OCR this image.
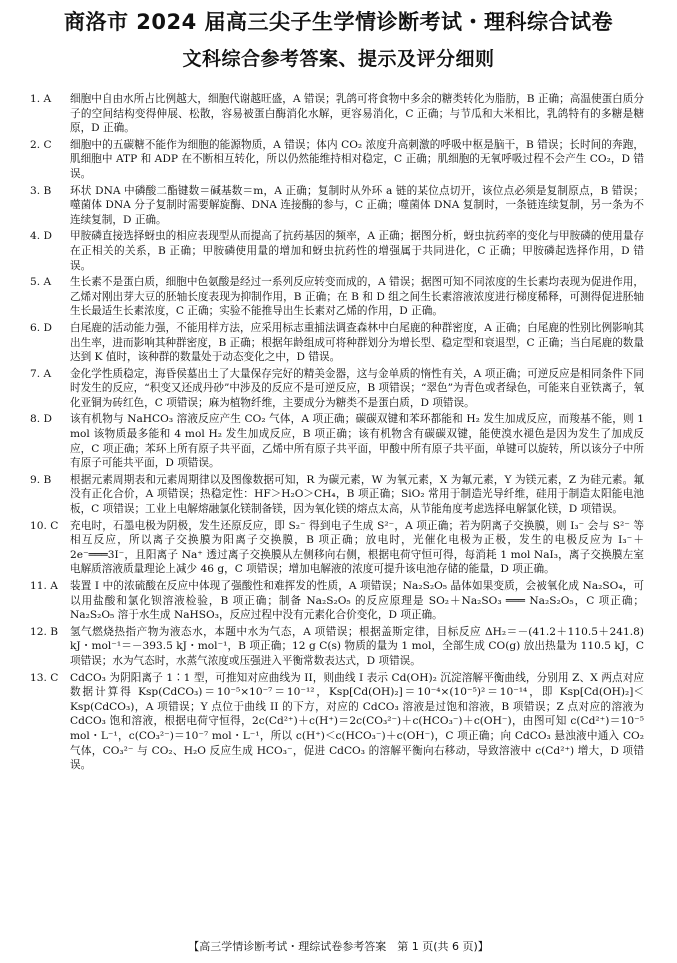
商洛市 2024 届高三尖子生学情诊断考试・理科综合试卷
文科综合参考答案、提示及评分细则
1. A	细胞中自由水所占比例越大，细胞代谢越旺盛，A 错误；乳鸽可将食物中多余的糖类转化为脂肪，B 正确；高温使蛋白质分子的空间结构变得伸展、松散，容易被蛋白酶消化水解，更容易消化，C 正确；与节瓜和大米相比，乳鸽特有的多糖是糖原，D 正确。
2. C	细胞中的五碳糖不能作为细胞的能源物质，A 错误；体内 CO₂ 浓度升高刺激的呼吸中枢是脑干，B 错误；长时间的奔跑，肌细胞中 ATP 和 ADP 在不断相互转化，所以仍然能维持相对稳定，C 正确；肌细胞的无氧呼吸过程不会产生 CO₂，D 错误。
3. B	环状 DNA 中磷酸二酯键数＝碱基数＝m，A 正确；复制时从外环 a 链的某位点切开，该位点必须是复制原点，B 错误；噬菌体 DNA 分子复制时需要解旋酶、DNA 连接酶的参与，C 正确；噬菌体 DNA 复制时，一条链连续复制，另一条为不连续复制，D 正确。
4. D	甲胺磷直接选择蚜虫的相应表现型从而提高了抗药基因的频率，A 正确；据图分析，蚜虫抗药率的变化与甲胺磷的使用量存在正相关的关系，B 正确；甲胺磷使用量的增加和蚜虫抗药性的增强属于共同进化，C 正确；甲胺磷起选择作用，D 错误。
5. A	生长素不是蛋白质，细胞中色氨酸是经过一系列反应转变而成的，A 错误；据图可知不同浓度的生长素均表现为促进作用，乙烯对刚出芽大豆的胚轴长度表现为抑制作用，B 正确；在 B 和 D 组之间生长素溶液浓度进行梯度稀释，可测得促进胚轴生长最适生长素浓度，C 正确；实验不能推导出生长素对乙烯的作用，D 正确。
6. D	白尾鹿的活动能力强，不能用样方法，应采用标志重捕法调查森林中白尾鹿的种群密度，A 正确；白尾鹿的性别比例影响其出生率，进而影响其种群密度，B 正确；根据年龄组成可将种群划分为增长型、稳定型和衰退型，C 正确；当白尾鹿的数量达到 K 值时，该种群的数量处于动态变化之中，D 错误。
7. A	金化学性质稳定，海昏侯墓出土了大量保存完好的精美金器，这与金单质的惰性有关，A 项正确；可逆反应是相同条件下同时发生的反应，“积变又还成丹砂”中涉及的反应不是可逆反应，B 项错误；“翠色”为青色或者绿色，可能来自亚铁离子，氧化亚铜为砖红色，C 项错误；麻为植物纤维，主要成分为糖类不是蛋白质，D 项错误。
8. D	该有机物与 NaHCO₃ 溶液反应产生 CO₂ 气体，A 项正确；碳碳双键和苯环都能和 H₂ 发生加成反应，而羧基不能，则 1 mol 该物质最多能和 4 mol H₂ 发生加成反应，B 项正确；该有机物含有碳碳双键，能使溴水褪色是因为发生了加成反应，C 项正确；苯环上所有原子共平面，乙烯中所有原子共平面，甲酸中所有原子共平面，单键可以旋转，所以该分子中所有原子可能共平面，D 项错误。
9. B	根据元素周期表和元素周期律以及图像数据可知，R 为碳元素，W 为氧元素，X 为氟元素，Y 为镁元素，Z 为硅元素。氟没有正化合价，A 项错误；热稳定性：HF＞H₂O＞CH₄，B 项正确；SiO₂ 常用于制造光导纤维，硅用于制造太阳能电池板，C 项错误；工业上电解熔融氯化镁制备镁，因为氧化镁的熔点太高，从节能角度考虑选择电解氯化镁，D 项错误。
10. C	充电时，石墨电极为阴极，发生还原反应，即 S₂⁻ 得到电子生成 S²⁻，A 项正确；若为阴离子交换膜，则 I₃⁻ 会与 S²⁻ 等相互反应，所以离子交换膜为阳离子交换膜，B 项正确；放电时，光催化电极为正极，发生的电极反应为 I₃⁻＋2e⁻═══3I⁻，且阳离子 Na⁺ 透过离子交换膜从左侧移向右侧，根据电荷守恒可得，每消耗 1 mol NaI₃，离子交换膜左室电解质溶液质量理论上减少 46 g，C 项错误；增加电解液的浓度可提升该电池存储的能量，D 项正确。
11. A	装置 I 中的浓硫酸在反应中体现了强酸性和难挥发的性质，A 项错误；Na₂S₂O₅ 晶体如果变质，会被氧化成 Na₂SO₄，可以用盐酸和氯化钡溶液检验，B 项正确；制备 Na₂S₂O₅ 的反应原理是 SO₂＋Na₂SO₃ ═══ Na₂S₂O₅，C 项正确；Na₂S₂O₅ 溶于水生成 NaHSO₃，反应过程中没有元素化合价变化，D 项正确。
12. B	氢气燃烧热指产物为液态水，本题中水为气态，A 项错误；根据盖斯定律，目标反应 ΔH₂＝－(41.2＋110.5＋241.8) kJ・mol⁻¹＝－393.5 kJ・mol⁻¹，B 项正确；12 g C(s) 物质的量为 1 mol，全部生成 CO(g) 放出热量为 110.5 kJ，C 项错误；水为气态时，水蒸气浓度或压强进入平衡常数表达式，D 项错误。
13. C	CdCO₃ 为阴阳离子 1∶1 型，可推知对应曲线为 II，则曲线 I 表示 Cd(OH)₂ 沉淀溶解平衡曲线，分别用 Z、X 两点对应数据计算得 Ksp(CdCO₃)＝10⁻⁵×10⁻⁷＝10⁻¹²，Ksp[Cd(OH)₂]＝10⁻⁴×(10⁻⁵)²＝10⁻¹⁴，即 Ksp[Cd(OH)₂]＜Ksp(CdCO₃)，A 项错误；Y 点位于曲线 II 的下方，对应的 CdCO₃ 溶液是过饱和溶液，B 项错误；Z 点对应的溶液为 CdCO₃ 饱和溶液，根据电荷守恒得，2c(Cd²⁺)＋c(H⁺)＝2c(CO₃²⁻)＋c(HCO₃⁻)＋c(OH⁻)，由图可知 c(Cd²⁺)＝10⁻⁵ mol・L⁻¹，c(CO₃²⁻)＝10⁻⁷ mol・L⁻¹，所以 c(H⁺)＜c(HCO₃⁻)＋c(OH⁻)，C 项正确；向 CdCO₃ 悬浊液中通入 CO₂ 气体，CO₃²⁻ 与 CO₂、H₂O 反应生成 HCO₃⁻，促进 CdCO₃ 的溶解平衡向右移动，导致溶液中 c(Cd²⁺) 增大，D 项错误。
【高三学情诊断考试・理综试卷参考答案　第 1 页(共 6 页)】
